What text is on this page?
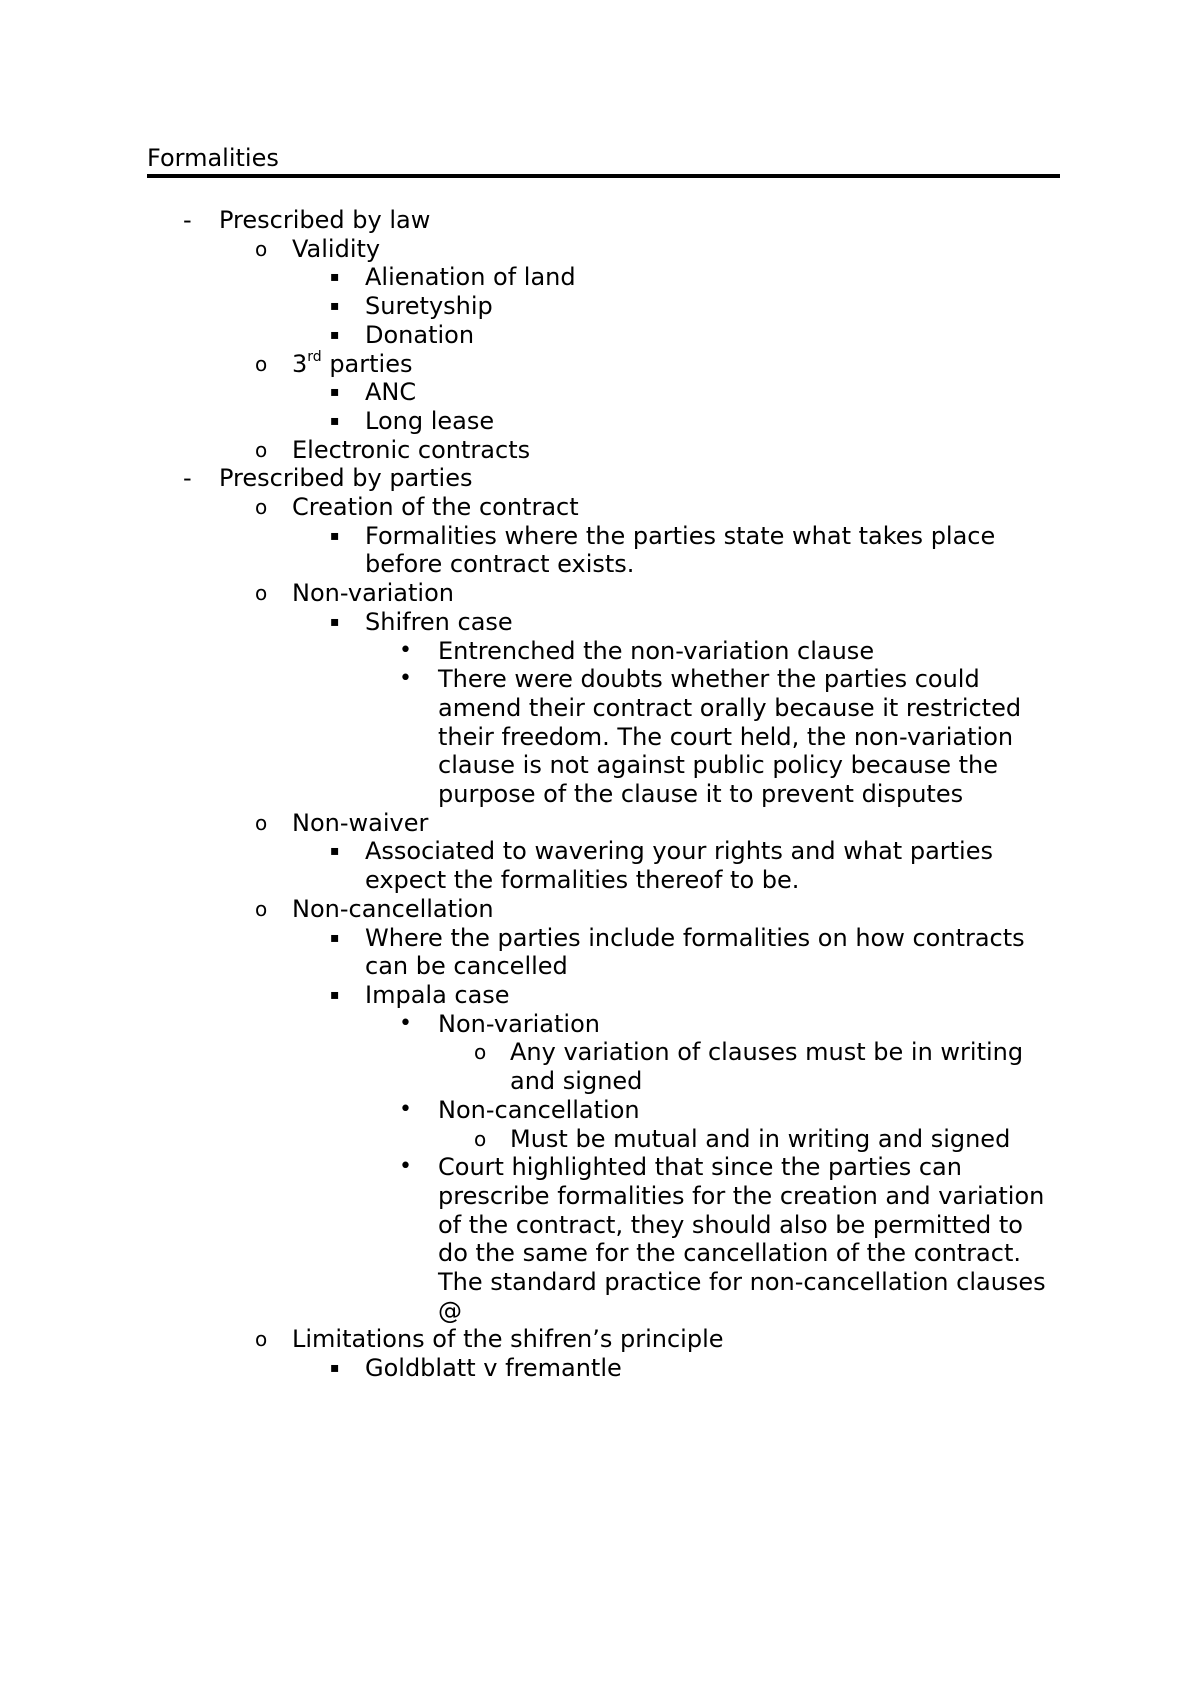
Formalities
- Prescribed by law
o Validity
▪ Alienation of land
▪ Suretyship
▪ Donation
o 3rd parties
▪ ANC
▪ Long lease
o Electronic contracts
- Prescribed by parties
o Creation of the contract
▪ Formalities where the parties state what takes place before contract exists.
o Non-variation
▪ Shifren case
• Entrenched the non-variation clause
• There were doubts whether the parties could amend their contract orally because it restricted their freedom. The court held, the non-variation clause is not against public policy because the purpose of the clause it to prevent disputes
o Non-waiver
▪ Associated to wavering your rights and what parties expect the formalities thereof to be.
o Non-cancellation
▪ Where the parties include formalities on how contracts can be cancelled
▪ Impala case
• Non-variation
o Any variation of clauses must be in writing and signed
• Non-cancellation
o Must be mutual and in writing and signed
• Court highlighted that since the parties can prescribe formalities for the creation and variation of the contract, they should also be permitted to do the same for the cancellation of the contract. The standard practice for non-cancellation clauses @
o Limitations of the shifren’s principle
▪ Goldblatt v fremantle
